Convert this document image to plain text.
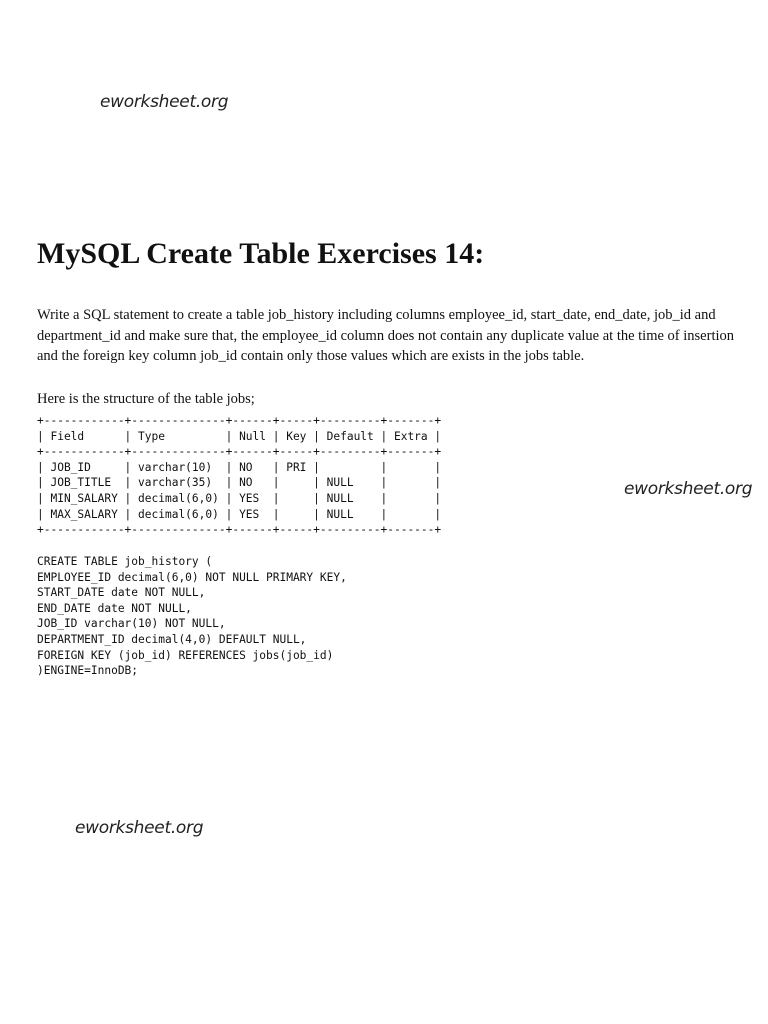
eworksheet.org
eworksheet.org
eworksheet.org
MySQL Create Table Exercises 14:

Write a SQL statement to create a table job_history including columns employee_id, start_date, end_date, job_id and department_id and make sure that, the employee_id column does not contain any duplicate value at the time of insertion and the foreign key column job_id contain only those values which are exists in the jobs table.

Here is the structure of the table jobs;

+------------+--------------+------+-----+---------+-------+
| Field      | Type         | Null | Key | Default | Extra |
+------------+--------------+------+-----+---------+-------+
| JOB_ID     | varchar(10)  | NO   | PRI |         |       |
| JOB_TITLE  | varchar(35)  | NO   |     | NULL    |       |
| MIN_SALARY | decimal(6,0) | YES  |     | NULL    |       |
| MAX_SALARY | decimal(6,0) | YES  |     | NULL    |       |
+------------+--------------+------+-----+---------+-------+
CREATE TABLE job_history (
EMPLOYEE_ID decimal(6,0) NOT NULL PRIMARY KEY,
START_DATE date NOT NULL,
END_DATE date NOT NULL,
JOB_ID varchar(10) NOT NULL,
DEPARTMENT_ID decimal(4,0) DEFAULT NULL,
FOREIGN KEY (job_id) REFERENCES jobs(job_id)
)ENGINE=InnoDB;
